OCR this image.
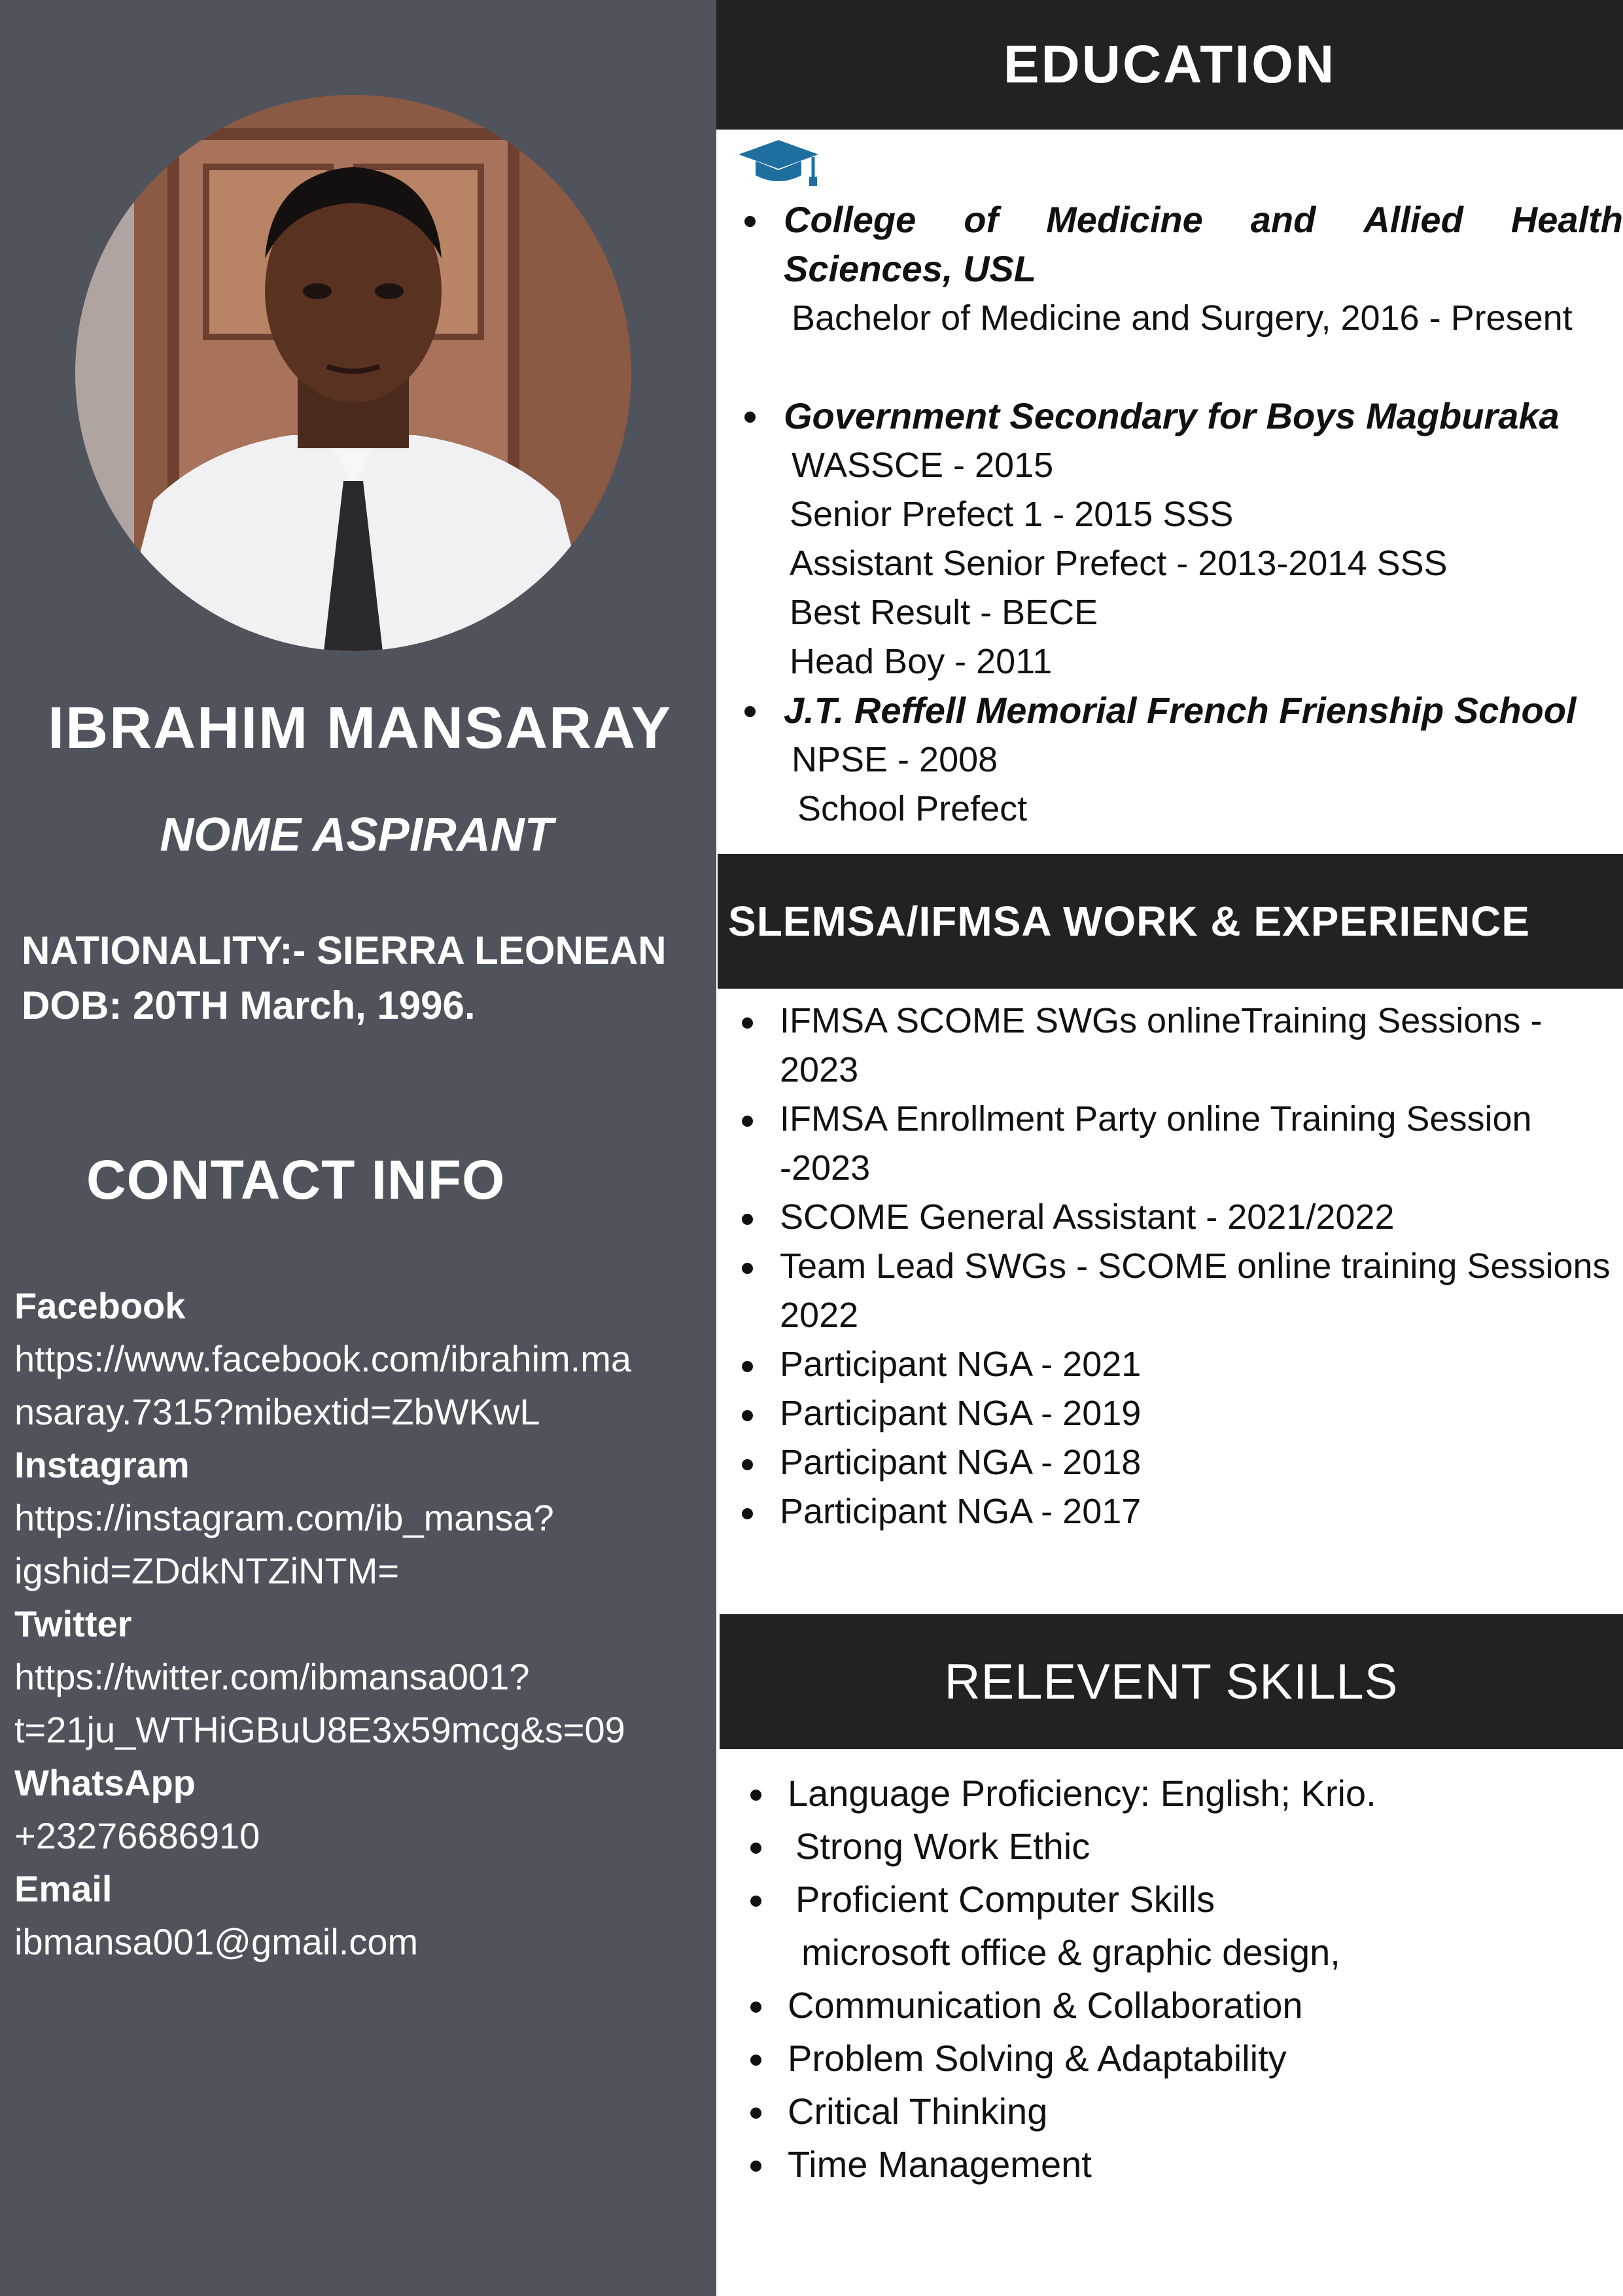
IBRAHIM MANSARAY
NOME ASPIRANT
NATIONALITY:- SIERRA LEONEAN
DOB: 20TH March, 1996.
CONTACT INFO
Facebook
https://www.facebook.com/ibrahim.ma
nsaray.7315?mibextid=ZbWKwL
Instagram
https://instagram.com/ib_mansa?
igshid=ZDdkNTZiNTM=
Twitter
https://twitter.com/ibmansa001?
t=21ju_WTHiGBuU8E3x59mcg&s=09
WhatsApp
+23276686910
Email
ibmansa001@gmail.com
EDUCATION
College of Medicine and Allied Health
Sciences, USL
Bachelor of Medicine and Surgery, 2016 - Present
Government Secondary for Boys Magburaka
WASSCE - 2015
Senior Prefect 1 - 2015 SSS
Assistant Senior Prefect - 2013-2014 SSS
Best Result - BECE
Head Boy - 2011
J.T. Reffell Memorial French Frienship School
NPSE - 2008
School Prefect
SLEMSA/IFMSA WORK & EXPERIENCE
IFMSA SCOME SWGs onlineTraining Sessions -
2023
IFMSA Enrollment Party online Training Session
-2023
SCOME General Assistant - 2021/2022
Team Lead SWGs - SCOME online training Sessions
2022
Participant NGA - 2021
Participant NGA - 2019
Participant NGA - 2018
Participant NGA - 2017
RELEVENT SKILLS
Language Proficiency: English; Krio.
Strong Work Ethic
Proficient Computer Skills
microsoft office & graphic design,
Communication & Collaboration
Problem Solving & Adaptability
Critical Thinking
Time Management
